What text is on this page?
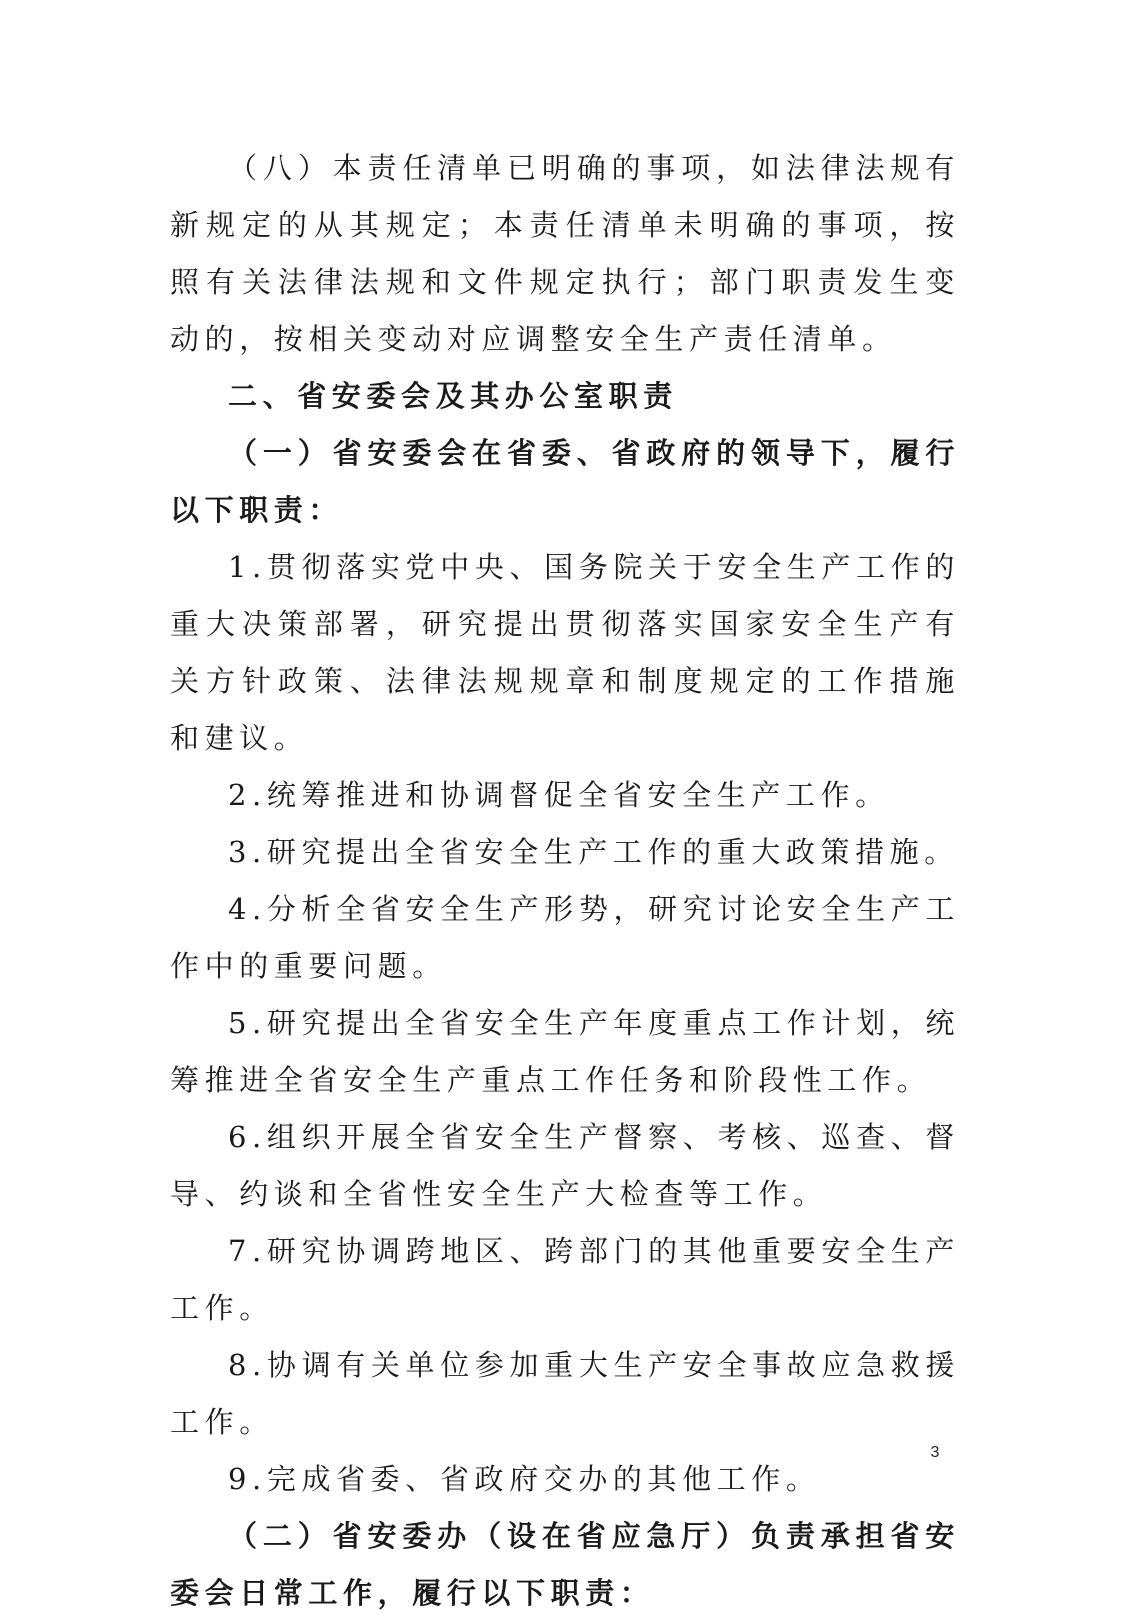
（八）本责任清单已明确的事项，如法律法规有新规定的从其规定；本责任清单未明确的事项，按照有关法律法规和文件规定执行；部门职责发生变动的，按相关变动对应调整安全生产责任清单。

二、省安委会及其办公室职责

（一）省安委会在省委、省政府的领导下，履行以下职责：

1.贯彻落实党中央、国务院关于安全生产工作的重大决策部署，研究提出贯彻落实国家安全生产有关方针政策、法律法规规章和制度规定的工作措施和建议。

2.统筹推进和协调督促全省安全生产工作。

3.研究提出全省安全生产工作的重大政策措施。

4.分析全省安全生产形势，研究讨论安全生产工作中的重要问题。

5.研究提出全省安全生产年度重点工作计划，统筹推进全省安全生产重点工作任务和阶段性工作。

6.组织开展全省安全生产督察、考核、巡查、督导、约谈和全省性安全生产大检查等工作。

7.研究协调跨地区、跨部门的其他重要安全生产工作。

8.协调有关单位参加重大生产安全事故应急救援工作。

9.完成省委、省政府交办的其他工作。

（二）省安委办（设在省应急厅）负责承担省安委会日常工作，履行以下职责：

3
